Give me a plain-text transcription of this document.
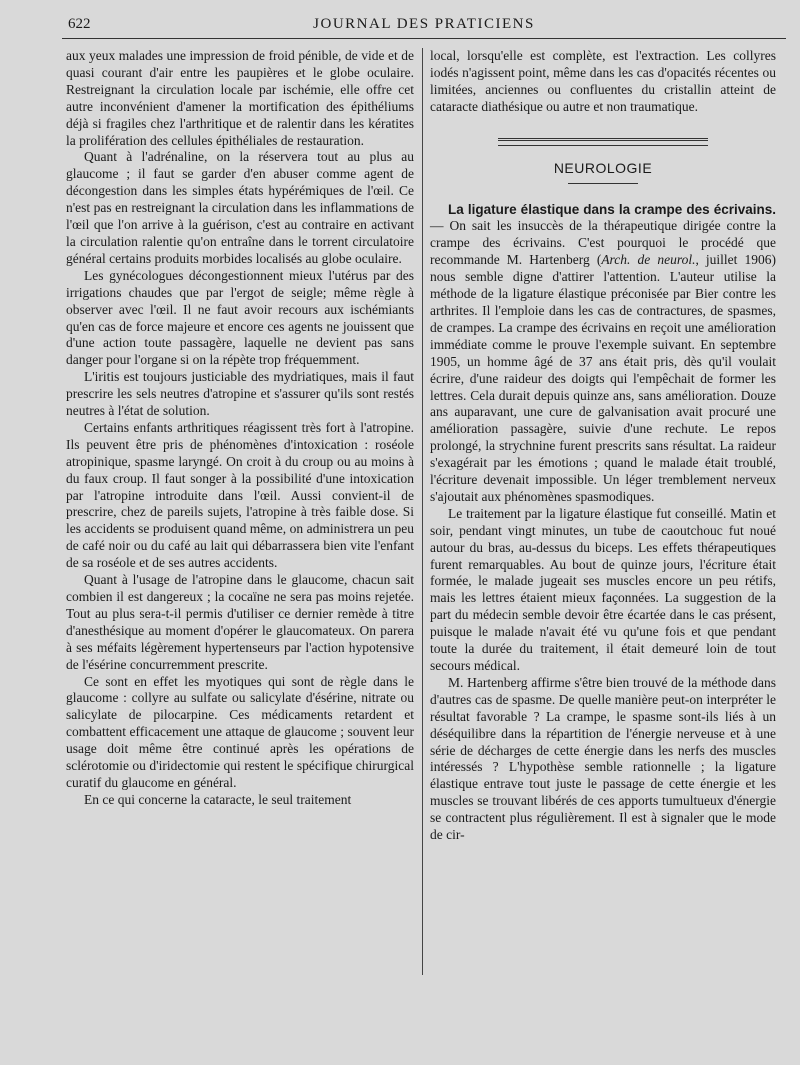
622	JOURNAL DES PRATICIENS

aux yeux malades une impression de froid pénible, de vide et de quasi courant d'air entre les paupières et le globe oculaire. Restreignant la circulation locale par ischémie, elle offre cet autre inconvénient d'amener la mortification des épithéliums déjà si fragiles chez l'arthritique et de ralentir dans les kératites la prolifération des cellules épithéliales de restauration.

Quant à l'adrénaline, on la réservera tout au plus au glaucome ; il faut se garder d'en abuser comme agent de décongestion dans les simples états hypérémiques de l'œil. Ce n'est pas en restreignant la circulation dans les inflammations de l'œil que l'on arrive à la guérison, c'est au contraire en activant la circulation ralentie qu'on entraîne dans le torrent circulatoire général certains produits morbides localisés au globe oculaire.

Les gynécologues décongestionnent mieux l'utérus par des irrigations chaudes que par l'ergot de seigle; même règle à observer avec l'œil. Il ne faut avoir recours aux ischémiants qu'en cas de force majeure et encore ces agents ne jouissent que d'une action toute passagère, laquelle ne devient pas sans danger pour l'organe si on la répète trop fréquemment.

L'iritis est toujours justiciable des mydriatiques, mais il faut prescrire les sels neutres d'atropine et s'assurer qu'ils sont restés neutres à l'état de solution.

Certains enfants arthritiques réagissent très fort à l'atropine. Ils peuvent être pris de phénomènes d'intoxication : roséole atropinique, spasme laryngé. On croit à du croup ou au moins à du faux croup. Il faut songer à la possibilité d'une intoxication par l'atropine introduite dans l'œil. Aussi convient-il de prescrire, chez de pareils sujets, l'atropine à très faible dose. Si les accidents se produisent quand même, on administrera un peu de café noir ou du café au lait qui débarrassera bien vite l'enfant de sa roséole et de ses autres accidents.

Quant à l'usage de l'atropine dans le glaucome, chacun sait combien il est dangereux ; la cocaïne ne sera pas moins rejetée. Tout au plus sera-t-il permis d'utiliser ce dernier remède à titre d'anesthésique au moment d'opérer le glaucomateux. On parera à ses méfaits légèrement hypertenseurs par l'action hypotensive de l'ésérine concurremment prescrite.

Ce sont en effet les myotiques qui sont de règle dans le glaucome : collyre au sulfate ou salicylate d'ésérine, nitrate ou salicylate de pilocarpine. Ces médicaments retardent et combattent efficacement une attaque de glaucome ; souvent leur usage doit même être continué après les opérations de sclérotomie ou d'iridectomie qui restent le spécifique chirurgical curatif du glaucome en général.

En ce qui concerne la cataracte, le seul traitement

local, lorsqu'elle est complète, est l'extraction. Les collyres iodés n'agissent point, même dans les cas d'opacités récentes ou limitées, anciennes ou confluentes du cristallin atteint de cataracte diathésique ou autre et non traumatique.

NEUROLOGIE

La ligature élastique dans la crampe des écrivains. — On sait les insuccès de la thérapeutique dirigée contre la crampe des écrivains. C'est pourquoi le procédé que recommande M. Hartenberg (Arch. de neurol., juillet 1906) nous semble digne d'attirer l'attention. L'auteur utilise la méthode de la ligature élastique préconisée par Bier contre les arthrites. Il l'emploie dans les cas de contractures, de spasmes, de crampes. La crampe des écrivains en reçoit une amélioration immédiate comme le prouve l'exemple suivant. En septembre 1905, un homme âgé de 37 ans était pris, dès qu'il voulait écrire, d'une raideur des doigts qui l'empêchait de former les lettres. Cela durait depuis quinze ans, sans amélioration. Douze ans auparavant, une cure de galvanisation avait procuré une amélioration passagère, suivie d'une rechute. Le repos prolongé, la strychnine furent prescrits sans résultat. La raideur s'exagérait par les émotions ; quand le malade était troublé, l'écriture devenait impossible. Un léger tremblement nerveux s'ajoutait aux phénomènes spasmodiques.

Le traitement par la ligature élastique fut conseillé. Matin et soir, pendant vingt minutes, un tube de caoutchouc fut noué autour du bras, au-dessus du biceps. Les effets thérapeutiques furent remarquables. Au bout de quinze jours, l'écriture était formée, le malade jugeait ses muscles encore un peu rétifs, mais les lettres étaient mieux façonnées. La suggestion de la part du médecin semble devoir être écartée dans le cas présent, puisque le malade n'avait été vu qu'une fois et que pendant toute la durée du traitement, il était demeuré loin de tout secours médical.

M. Hartenberg affirme s'être bien trouvé de la méthode dans d'autres cas de spasme. De quelle manière peut-on interpréter le résultat favorable ? La crampe, le spasme sont-ils liés à un déséquilibre dans la répartition de l'énergie nerveuse et à une série de décharges de cette énergie dans les nerfs des muscles intéressés ? L'hypothèse semble rationnelle ; la ligature élastique entrave tout juste le passage de cette énergie et les muscles se trouvant libérés de ces apports tumultueux d'énergie se contractent plus régulièrement. Il est à signaler que le mode de cir-
